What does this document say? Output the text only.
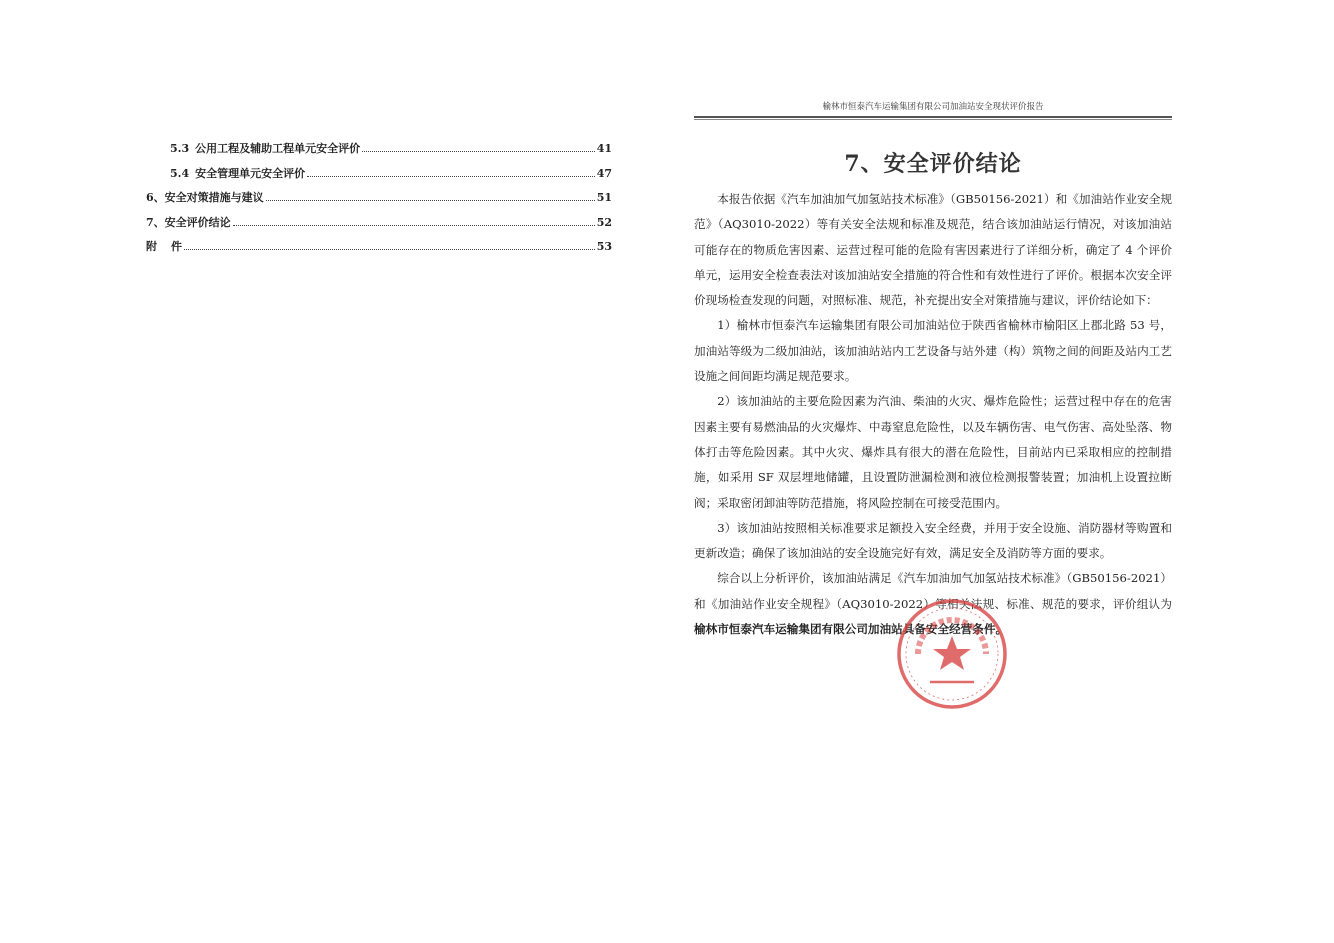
5.3 公用工程及辅助工程单元安全评价	41
5.4 安全管理单元安全评价	47
6、 安全对策措施与建议	51
7、 安全评价结论	52
附 件	53
榆林市恒泰汽车运输集团有限公司加油站安全现状评价报告
7、安全评价结论

本报告依据《汽车加油加气加氢站技术标准》（GB50156-2021）和《加油站作业安全规范》（AQ3010-2022）等有关安全法规和标准及规范，结合该加油站运行情况，对该加油站可能存在的物质危害因素、运营过程可能的危险有害因素进行了详细分析，确定了 4 个评价单元，运用安全检查表法对该加油站安全措施的符合性和有效性进行了评价。根据本次安全评价现场检查发现的问题，对照标准、规范，补充提出安全对策措施与建议，评价结论如下：

1）榆林市恒泰汽车运输集团有限公司加油站位于陕西省榆林市榆阳区上郡北路 53 号，加油站等级为二级加油站，该加油站站内工艺设备与站外建（构）筑物之间的间距及站内工艺设施之间间距均满足规范要求。

2）该加油站的主要危险因素为汽油、柴油的火灾、爆炸危险性；运营过程中存在的危害因素主要有易燃油品的火灾爆炸、中毒窒息危险性，以及车辆伤害、电气伤害、高处坠落、物体打击等危险因素。其中火灾、爆炸具有很大的潜在危险性，目前站内已采取相应的控制措施，如采用 SF 双层埋地储罐，且设置防泄漏检测和液位检测报警装置；加油机上设置拉断阀；采取密闭卸油等防范措施，将风险控制在可接受范围内。

3）该加油站按照相关标准要求足额投入安全经费，并用于安全设施、消防器材等购置和更新改造；确保了该加油站的安全设施完好有效，满足安全及消防等方面的要求。

综合以上分析评价，该加油站满足《汽车加油加气加氢站技术标准》（GB50156-2021）和《加油站作业安全规程》（AQ3010-2022）等相关法规、标准、规范的要求，评价组认为榆林市恒泰汽车运输集团有限公司加油站具备安全经营条件。
